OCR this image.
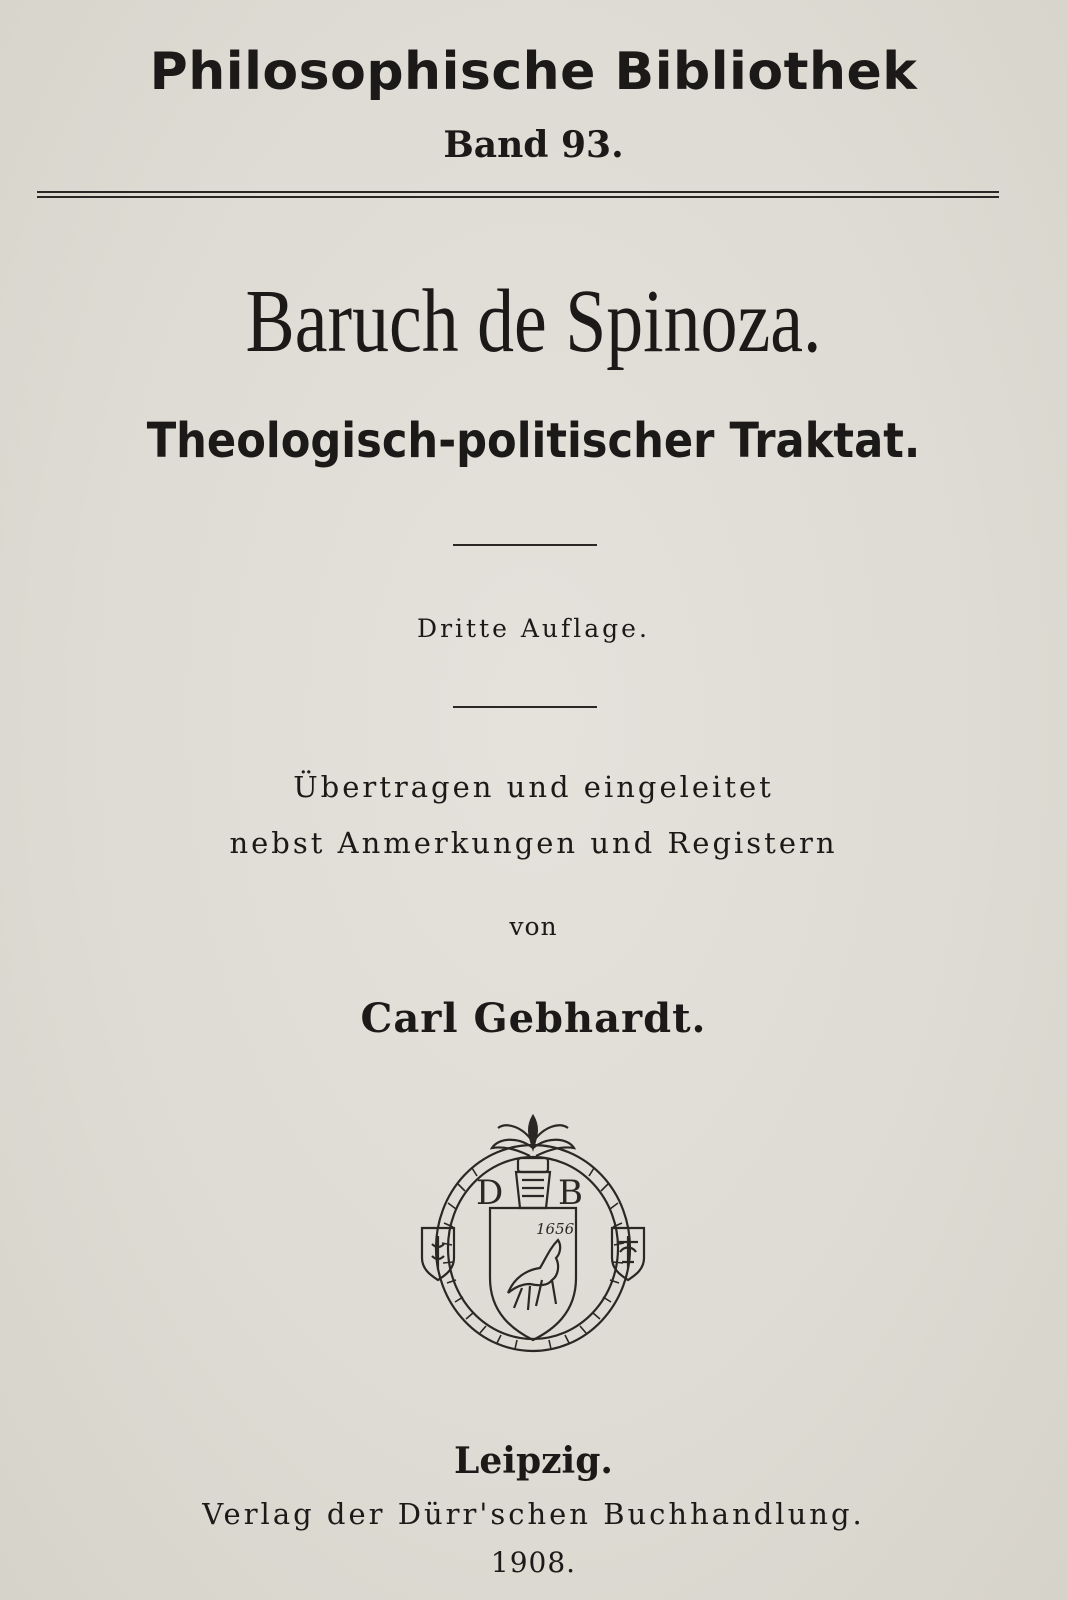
Philosophische Bibliothek
Band 93.
Baruch de Spinoza.
Theologisch-politischer Traktat.
Dritte Auflage.
Übertragen und eingeleitet
nebst Anmerkungen und Registern
von
Carl Gebhardt.
D B
1656
Leipzig.
Verlag der Dürr'schen Buchhandlung.
1908.
